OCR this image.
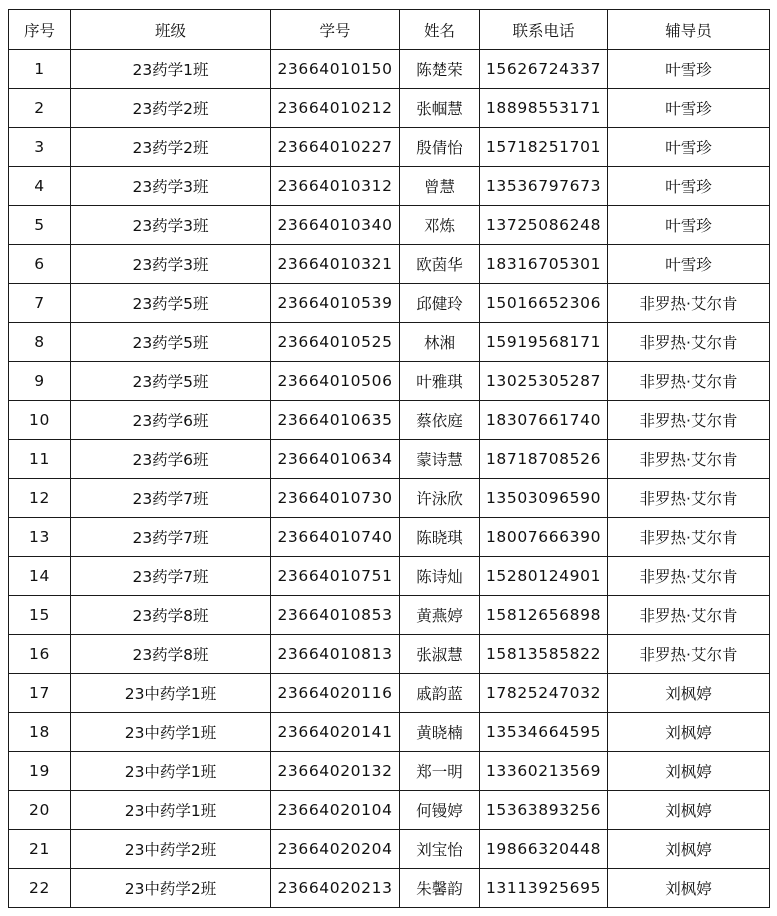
序号	班级	学号	姓名	联系电话	辅导员
1	23药学1班	23664010150	陈楚荣	15626724337	叶雪珍
2	23药学2班	23664010212	张帼慧	18898553171	叶雪珍
3	23药学2班	23664010227	殷倩怡	15718251701	叶雪珍
4	23药学3班	23664010312	曾慧	13536797673	叶雪珍
5	23药学3班	23664010340	邓炼	13725086248	叶雪珍
6	23药学3班	23664010321	欧茵华	18316705301	叶雪珍
7	23药学5班	23664010539	邱健玲	15016652306	非罗热·艾尔肯
8	23药学5班	23664010525	林湘	15919568171	非罗热·艾尔肯
9	23药学5班	23664010506	叶雅琪	13025305287	非罗热·艾尔肯
10	23药学6班	23664010635	蔡依庭	18307661740	非罗热·艾尔肯
11	23药学6班	23664010634	蒙诗慧	18718708526	非罗热·艾尔肯
12	23药学7班	23664010730	许泳欣	13503096590	非罗热·艾尔肯
13	23药学7班	23664010740	陈晓琪	18007666390	非罗热·艾尔肯
14	23药学7班	23664010751	陈诗灿	15280124901	非罗热·艾尔肯
15	23药学8班	23664010853	黄燕婷	15812656898	非罗热·艾尔肯
16	23药学8班	23664010813	张淑慧	15813585822	非罗热·艾尔肯
17	23中药学1班	23664020116	戚韵蓝	17825247032	刘枫婷
18	23中药学1班	23664020141	黄晓楠	13534664595	刘枫婷
19	23中药学1班	23664020132	郑一明	13360213569	刘枫婷
20	23中药学1班	23664020104	何镘婷	15363893256	刘枫婷
21	23中药学2班	23664020204	刘宝怡	19866320448	刘枫婷
22	23中药学2班	23664020213	朱馨韵	13113925695	刘枫婷
